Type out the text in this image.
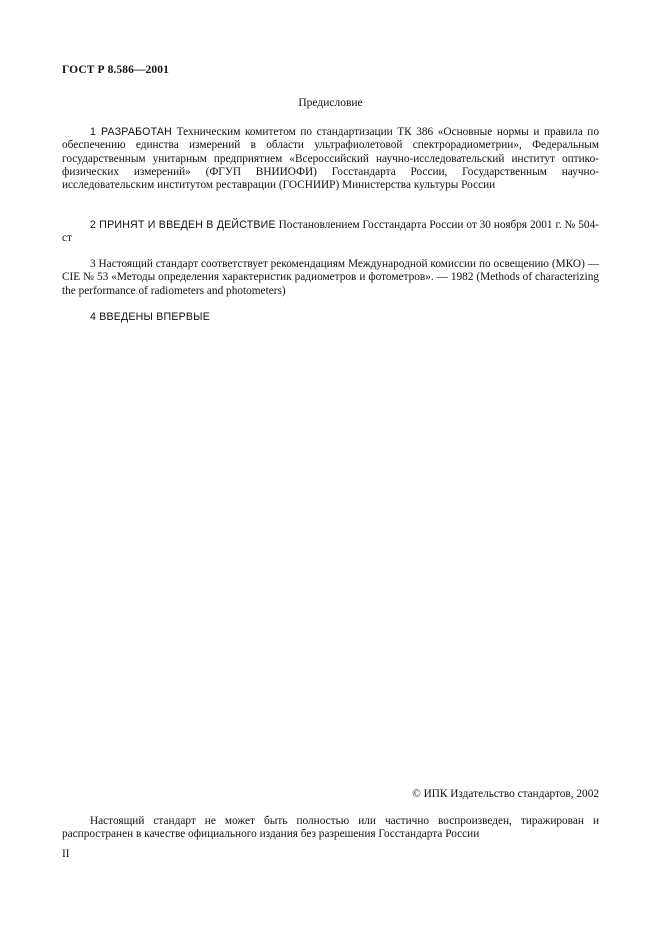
ГОСТ Р 8.586—2001
Предисловие
1 РАЗРАБОТАН Техническим комитетом по стандартизации ТК 386 «Основные нормы и правила по обеспечению единства измерений в области ультрафиолетовой спектрорадиометрии», Федеральным государственным унитарным предприятием «Всероссийский научно-исследовательский институт оптико-физических измерений» (ФГУП ВНИИОФИ) Госстандарта России, Государственным научно-исследовательским институтом реставрации (ГОСНИИР) Министерства культуры России
2 ПРИНЯТ И ВВЕДЕН В ДЕЙСТВИЕ Постановлением Госстандарта России от 30 ноября 2001 г. № 504-ст
3 Настоящий стандарт соответствует рекомендациям Международной комиссии по освещению (МКО) — CIE № 53 «Методы определения характеристик радиометров и фотометров». — 1982 (Methods of characterizing the performance of radiometers and photometers)
4 ВВЕДЕНЫ ВПЕРВЫЕ
© ИПК Издательство стандартов, 2002
Настоящий стандарт не может быть полностью или частично воспроизведен, тиражирован и распространен в качестве официального издания без разрешения Госстандарта России
II
